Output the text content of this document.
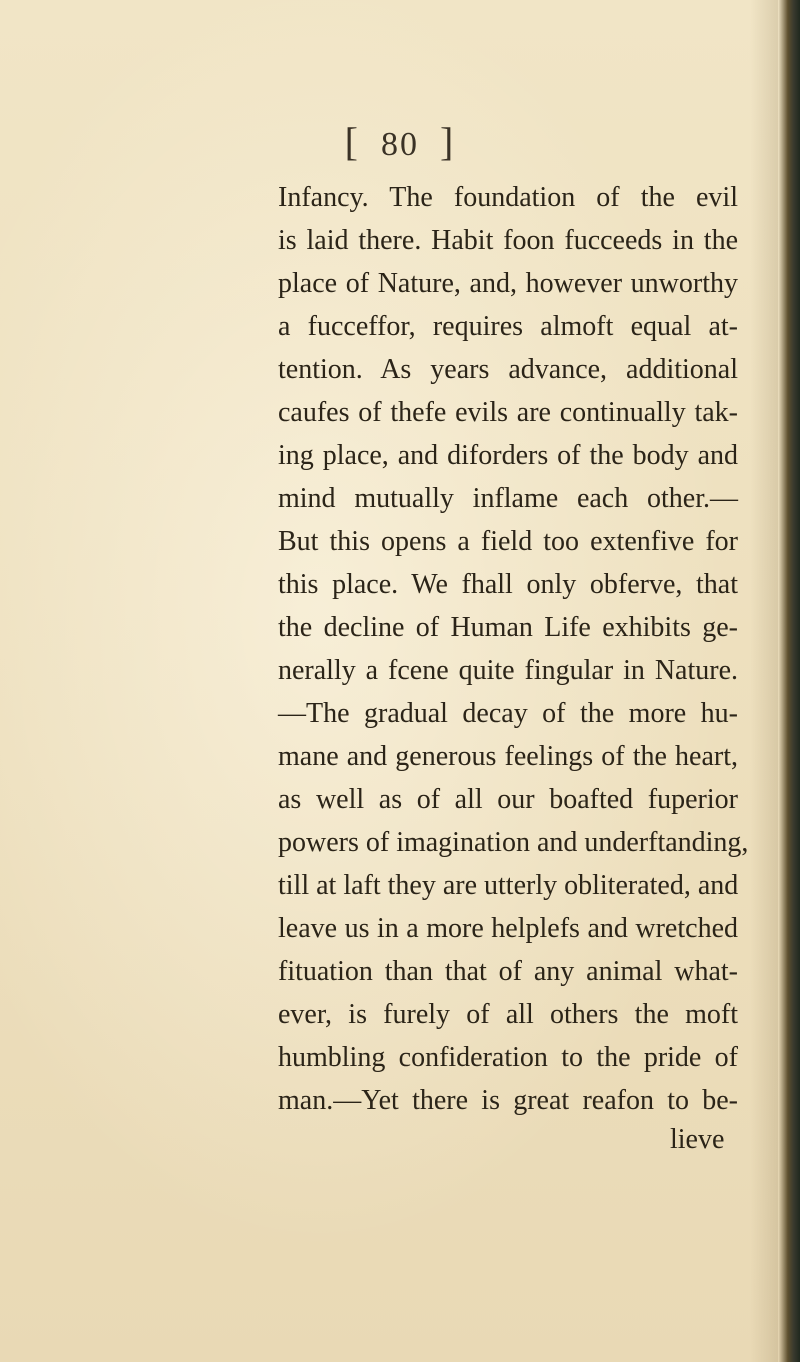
[ 80 ]
Infancy. The foundation of the evil
is laid there. Habit foon fucceeds in the
place of Nature, and, however unworthy
a fucceffor, requires almoft equal at-
tention. As years advance, additional
caufes of thefe evils are continually tak-
ing place, and diforders of the body and
mind mutually inflame each other.—
But this opens a field too extenfive for
this place. We fhall only obferve, that
the decline of Human Life exhibits ge-
nerally a fcene quite fingular in Nature.
—The gradual decay of the more hu-
mane and generous feelings of the heart,
as well as of all our boafted fuperior
powers of imagination and underftanding,
till at laft they are utterly obliterated, and
leave us in a more helplefs and wretched
fituation than that of any animal what-
ever, is furely of all others the moft
humbling confideration to the pride of
man.—Yet there is great reafon to be-
lieve
